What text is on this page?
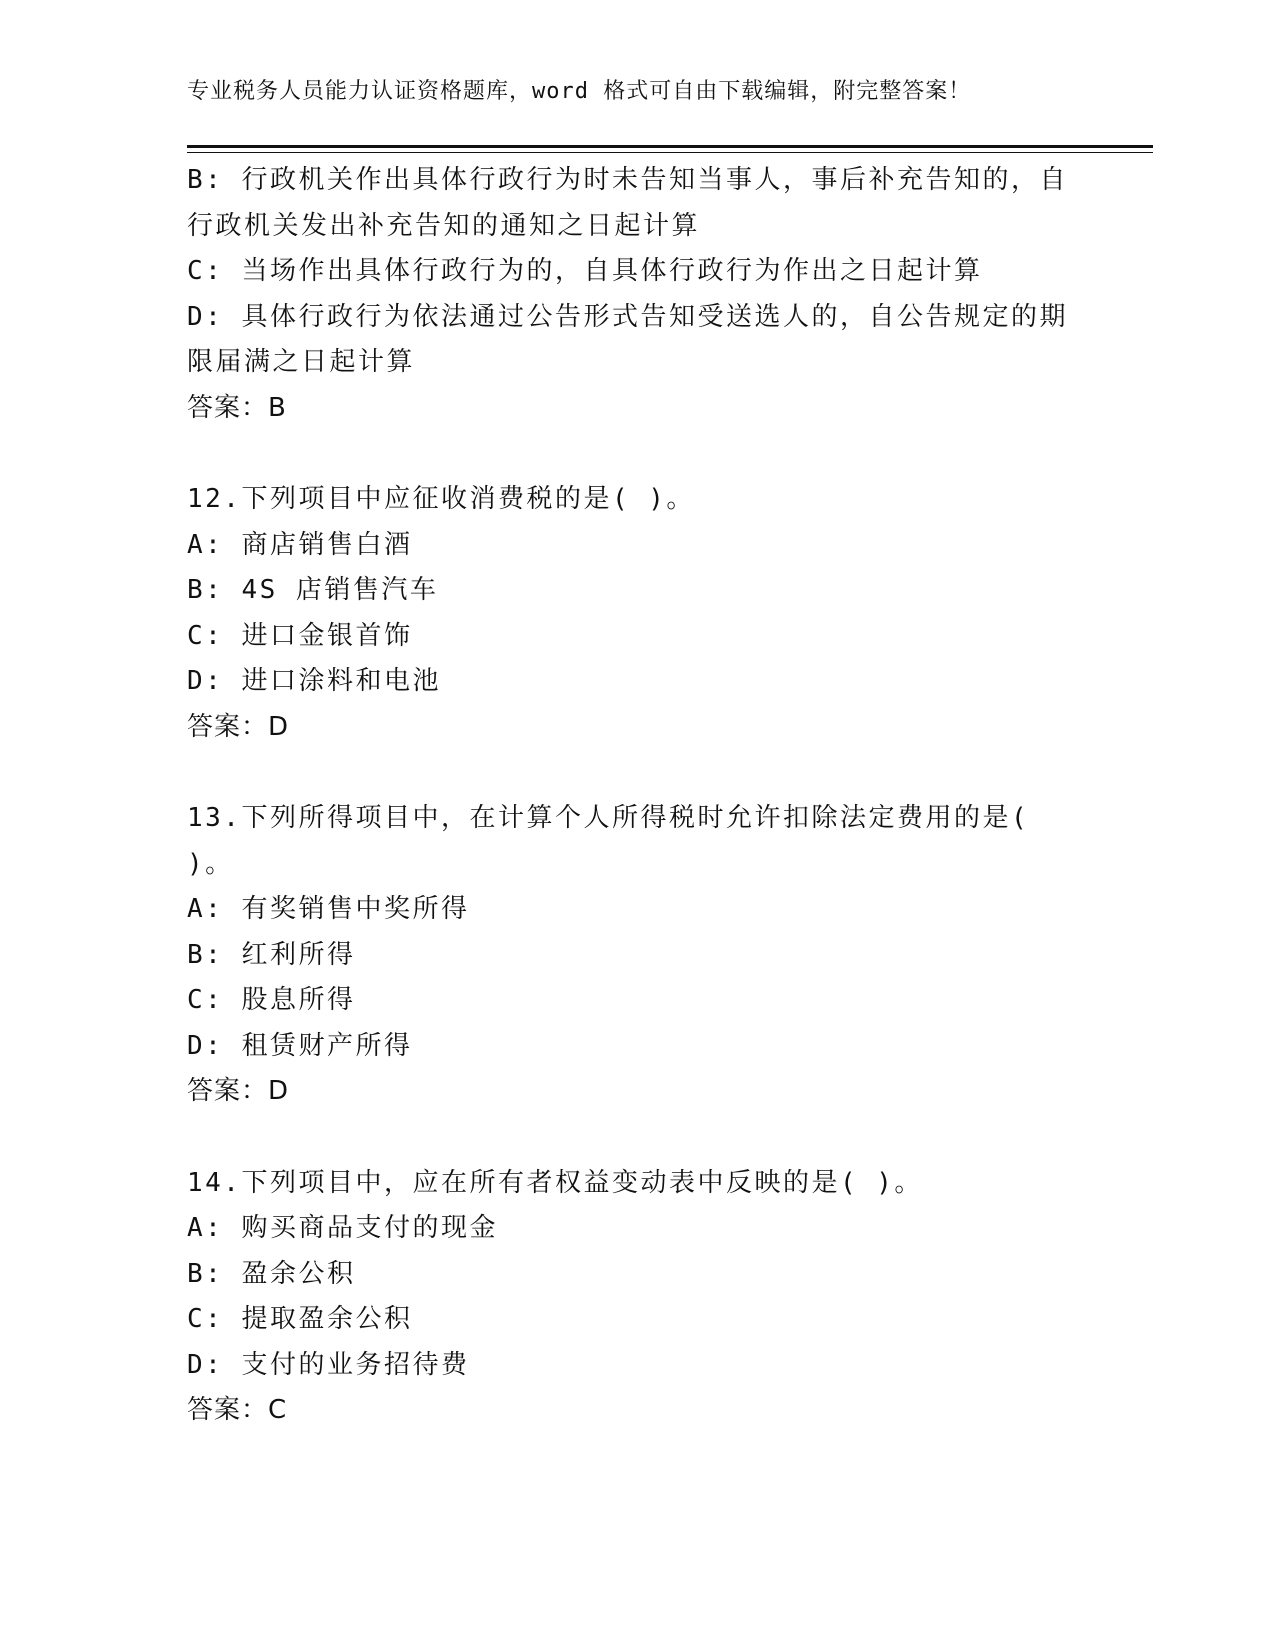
专业税务人员能力认证资格题库，word 格式可自由下载编辑，附完整答案！
B: 行政机关作出具体行政行为时未告知当事人，事后补充告知的，自
行政机关发出补充告知的通知之日起计算
C: 当场作出具体行政行为的，自具体行政行为作出之日起计算
D: 具体行政行为依法通过公告形式告知受送选人的，自公告规定的期
限届满之日起计算
答案：B
12.下列项目中应征收消费税的是( )。
A: 商店销售白酒
B: 4S 店销售汽车
C: 进口金银首饰
D: 进口涂料和电池
答案：D
13.下列所得项目中，在计算个人所得税时允许扣除法定费用的是(
)。
A: 有奖销售中奖所得
B: 红利所得
C: 股息所得
D: 租赁财产所得
答案：D
14.下列项目中，应在所有者权益变动表中反映的是( )。
A: 购买商品支付的现金
B: 盈余公积
C: 提取盈余公积
D: 支付的业务招待费
答案：C
